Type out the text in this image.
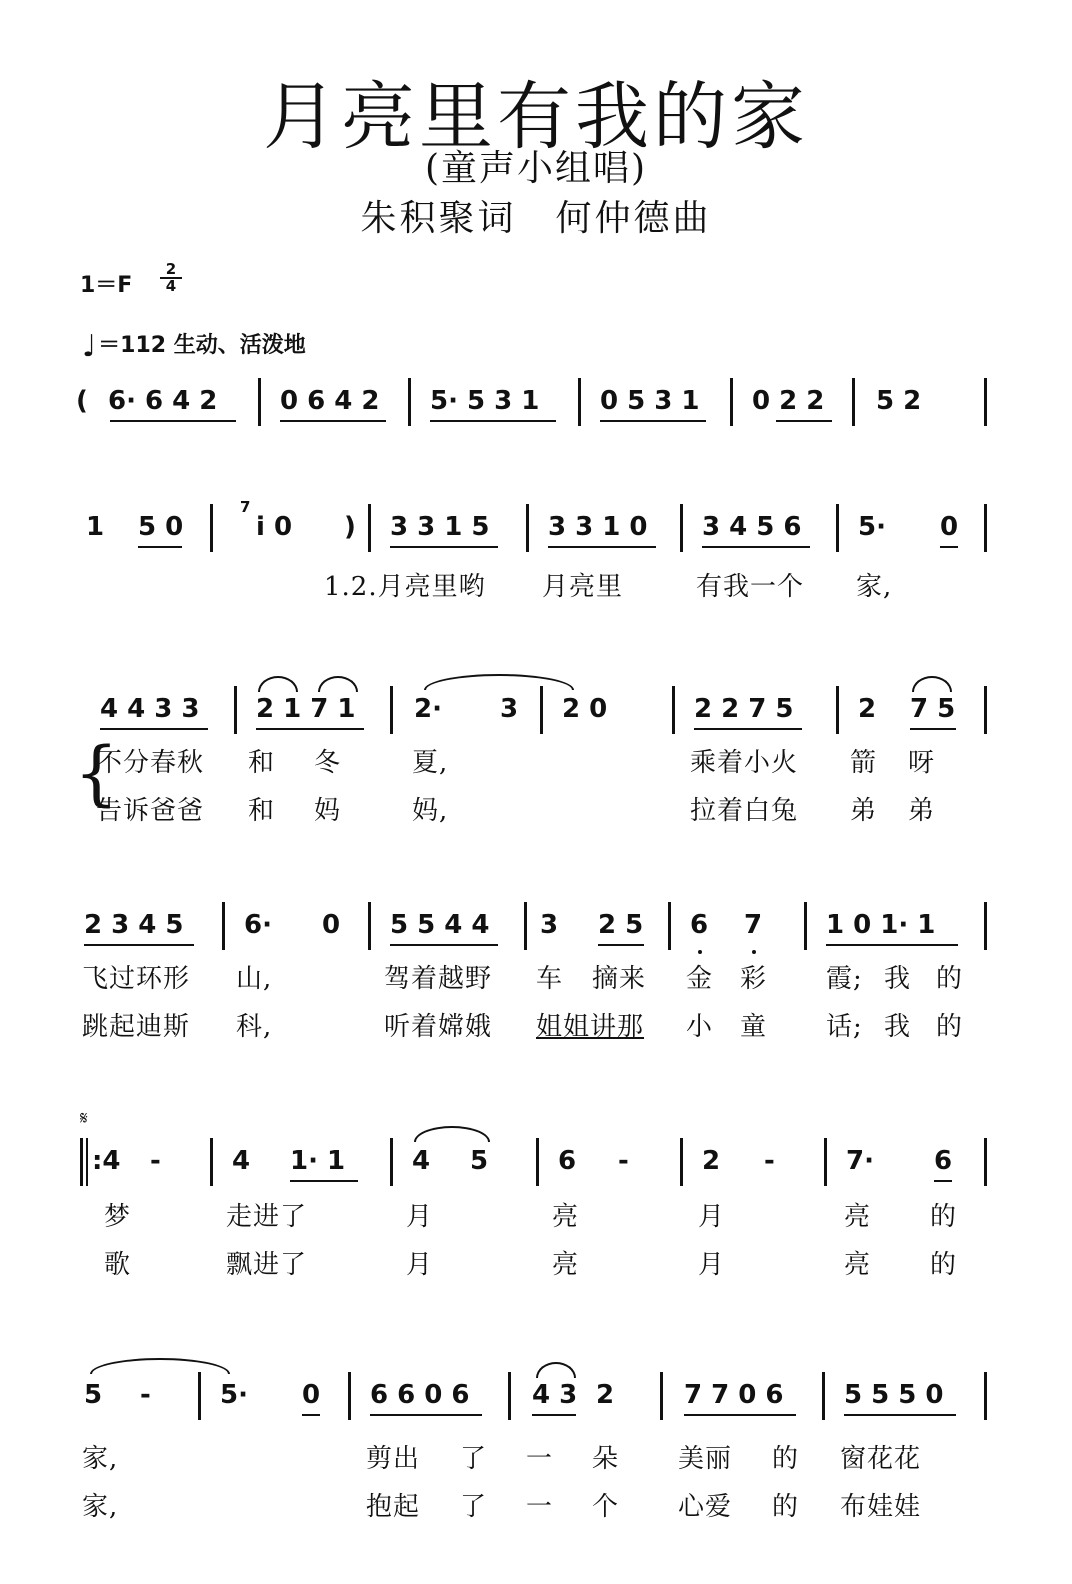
月亮里有我的家
(童声小组唱)
朱积聚词　何仲德曲
$1=F \frac{2}{4}$
♩＝112 生动、活泼地
( 6· 6 4 2 0 6 4 2 5· 5 3 1 0 5 3 1 0 2 2 5 2
1 5 0
7
i 0 ) 3 3 1 5 3 3 1 0 3 4 5 6 5· 0
1.2.月亮里哟 月亮里	有我一个 家,
4 4 3 3 2 1 7 1 2· 3 2 0	2 2 7 5 2 7 5
{
不分春秋 和 冬	夏,	乘着小火 箭 呀
告诉爸爸 和 妈	妈,	拉着白兔 弟 弟
2 3 4 5 6· 0 5 5 4 4 3 2 5 6 7 1 0 1· 1
飞过环形 山,	驾着越野 车 摘来 金 彩 霞; 我 的
跳起迪斯 科,	听着嫦娥 姐姐讲那 小 童 话; 我 的
𝄋
:4 -	4 1· 1	4 5	6 -	2 -	7· 6
梦	走进了	月	亮	月	亮 的
歌	飘进了	月	亮	月	亮 的
5 -	5· 0 6 6 0 6 4 3 2	7 7 0 6 5 5 5 0
家,	剪出 了 一 朵 美丽 的 窗花花
家,	抱起 了 一 个 心爱 的 布娃娃
